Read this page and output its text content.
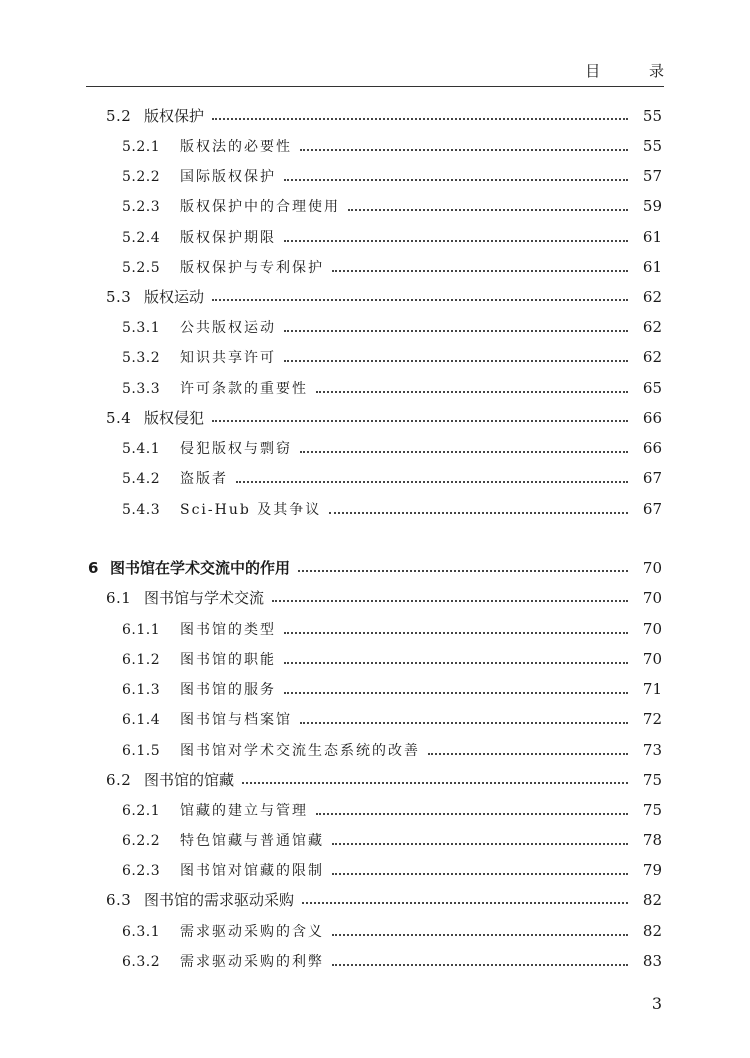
目 录
5.2 版权保护	55
5.2.1	版权法的必要性	55
5.2.2	国际版权保护	57
5.2.3	版权保护中的合理使用	59
5.2.4	版权保护期限	61
5.2.5	版权保护与专利保护	61
5.3 版权运动	62
5.3.1	公共版权运动	62
5.3.2	知识共享许可	62
5.3.3	许可条款的重要性	65
5.4 版权侵犯	66
5.4.1	侵犯版权与剽窃	66
5.4.2	盗版者	67
5.4.3	Sci-Hub 及其争议	67
6 图书馆在学术交流中的作用	70
6.1 图书馆与学术交流	70
6.1.1	图书馆的类型	70
6.1.2	图书馆的职能	70
6.1.3	图书馆的服务	71
6.1.4	图书馆与档案馆	72
6.1.5	图书馆对学术交流生态系统的改善	73
6.2 图书馆的馆藏	75
6.2.1	馆藏的建立与管理	75
6.2.2	特色馆藏与普通馆藏	78
6.2.3	图书馆对馆藏的限制	79
6.3 图书馆的需求驱动采购	82
6.3.1	需求驱动采购的含义	82
6.3.2	需求驱动采购的利弊	83
3
